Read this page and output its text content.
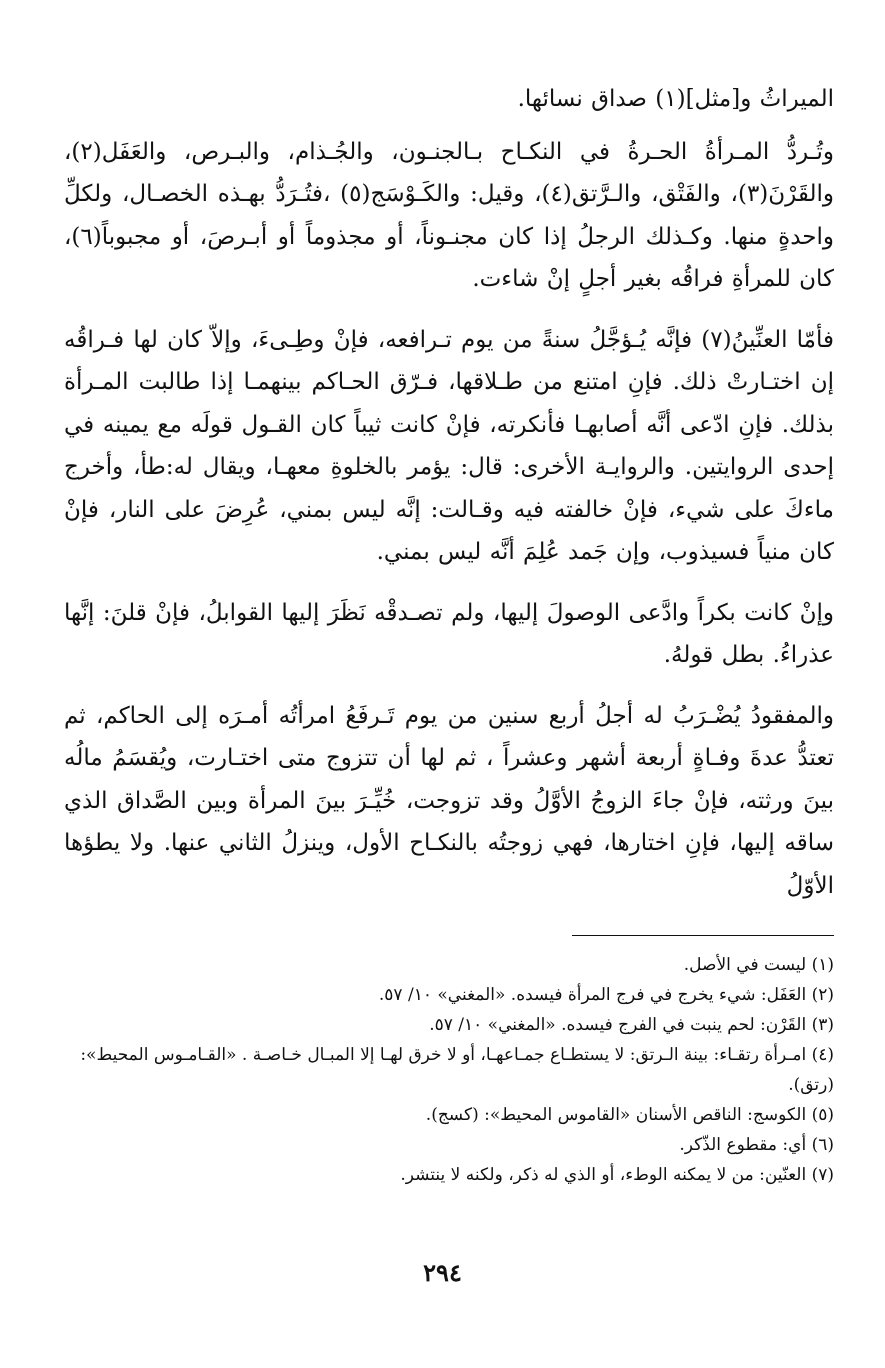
الميراثُ و[مثل](١) صداق نسائها.

وتُـردُّ المـرأةُ الحـرةُ في النكـاح بـالجنـون، والجُـذام، والبـرص، والعَفَل(٢)، والقَرْنَ(٣)، والفَتْق، والـرَّتق(٤)، وقيل: والكَـوْسَج(٥) ،فتُـرَدُّ بهـذه الخصـال، ولكلِّ واحدةٍ منها. وكـذلك الرجلُ إذا كان مجنـوناً، أو مجذوماً أو أبـرصَ، أو مجبوباً(٦)، كان للمرأةِ فراقُه بغير أجلٍ إنْ شاءت.

فأمّا العنِّينُ(٧) فإنَّه يُـؤجَّلُ سنةً من يوم تـرافعه، فإنْ وطِـىءَ، وإلاّ كان لها فـراقُه إن اختـارتْ ذلك. فإنِ امتنع من طـلاقها، فـرّق الحـاكم بينهمـا إذا طالبت المـرأة بذلك. فإنِ ادّعى أنَّه أصابهـا فأنكرته، فإنْ كانت ثيباً كان القـول قولَه مع يمينه في إحدى الروايتين. والروايـة الأخرى: قال: يؤمر بالخلوةِ معهـا، ويقال له:طأ، وأخرج ماءكَ على شيء، فإنْ خالفته فيه وقـالت: إنَّه ليس بمني، عُرِضَ على النار، فإنْ كان منياً فسيذوب، وإن جَمد عُلِمَ أنَّه ليس بمني.

وإنْ كانت بكراً وادَّعى الوصولَ إليها، ولم تصـدقْه نَظَرَ إليها القوابلُ، فإنْ قلنَ: إنَّها عذراءُ. بطل قولهُ.

والمفقودُ يُضْـرَبُ له أجلُ أربع سنين من يوم تَـرفَعُ امرأتُه أمـرَه إلى الحاكم، ثم تعتدُّ عدةَ وفـاةٍ أربعة أشهر وعشراً ، ثم لها أن تتزوج متى اختـارت، ويُقسَمُ مالُه بينَ ورثته، فإنْ جاءَ الزوجُ الأوَّلُ وقد تزوجت، خُيِّـرَ بينَ المرأة وبين الصَّداق الذي ساقه إليها، فإنِ اختارها، فهي زوجتُه بالنكـاح الأول، وينزلُ الثاني عنها. ولا يطؤها الأوّلُ

(١) ليست في الأصل.

(٢) العَفَل: شيء يخرج في فرج المرأة فيسده. «المغني» ١٠/ ٥٧.

(٣) القَرْن: لحم ينبت في الفرج فيسده. «المغني» ١٠/ ٥٧.

(٤) امـرأة رتقـاء: بينة الـرتق: لا يستطـاع جمـاعهـا، أو لا خرق لهـا إلا المبـال خـاصـة . «القـامـوس المحيط»: (رتق).

(٥) الكوسج: الناقص الأسنان «القاموس المحيط»: (كسج).

(٦) أي: مقطوع الذّكر.

(٧) العنّين: من لا يمكنه الوطء، أو الذي له ذكر، ولكنه لا ينتشر.

٢٩٤
